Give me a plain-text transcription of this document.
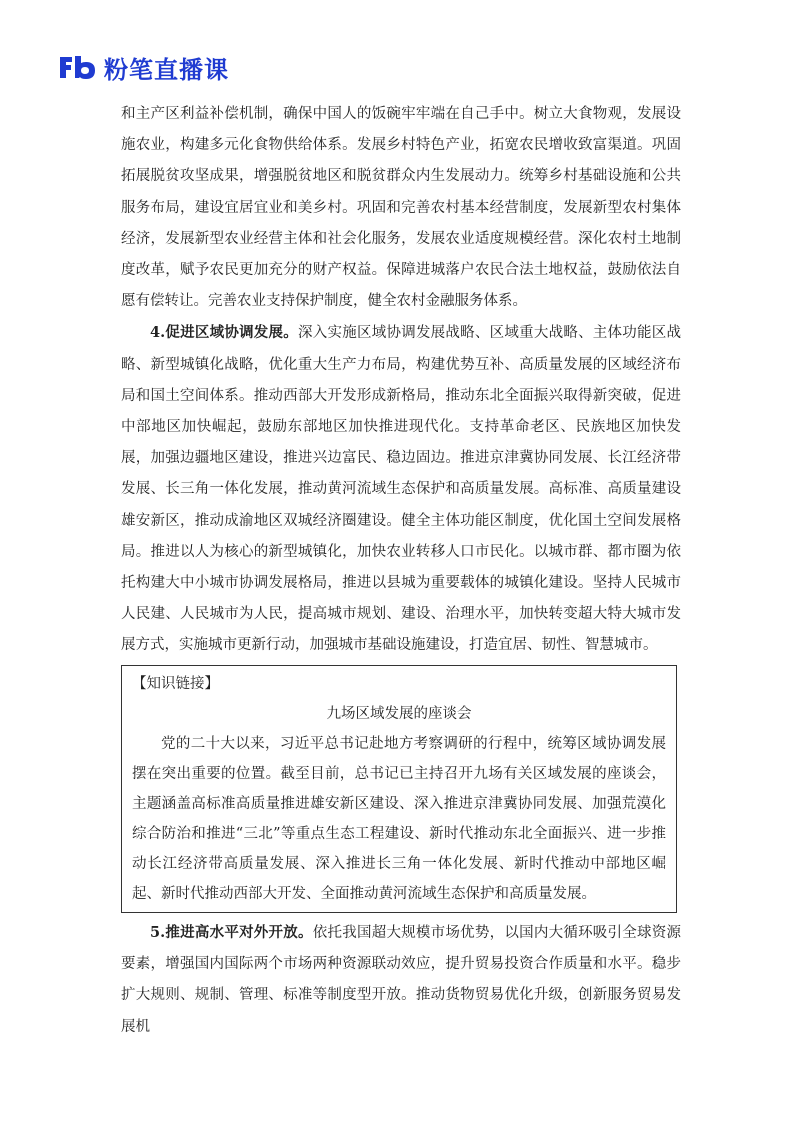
粉笔直播课

和主产区利益补偿机制，确保中国人的饭碗牢牢端在自己手中。树立大食物观，发展设施农业，构建多元化食物供给体系。发展乡村特色产业，拓宽农民增收致富渠道。巩固拓展脱贫攻坚成果，增强脱贫地区和脱贫群众内生发展动力。统筹乡村基础设施和公共服务布局，建设宜居宜业和美乡村。巩固和完善农村基本经营制度，发展新型农村集体经济，发展新型农业经营主体和社会化服务，发展农业适度规模经营。深化农村土地制度改革，赋予农民更加充分的财产权益。保障进城落户农民合法土地权益，鼓励依法自愿有偿转让。完善农业支持保护制度，健全农村金融服务体系。

4.促进区域协调发展。深入实施区域协调发展战略、区域重大战略、主体功能区战略、新型城镇化战略，优化重大生产力布局，构建优势互补、高质量发展的区域经济布局和国土空间体系。推动西部大开发形成新格局，推动东北全面振兴取得新突破，促进中部地区加快崛起，鼓励东部地区加快推进现代化。支持革命老区、民族地区加快发展，加强边疆地区建设，推进兴边富民、稳边固边。推进京津冀协同发展、长江经济带发展、长三角一体化发展，推动黄河流域生态保护和高质量发展。高标准、高质量建设雄安新区，推动成渝地区双城经济圈建设。健全主体功能区制度，优化国土空间发展格局。推进以人为核心的新型城镇化，加快农业转移人口市民化。以城市群、都市圈为依托构建大中小城市协调发展格局，推进以县城为重要载体的城镇化建设。坚持人民城市人民建、人民城市为人民，提高城市规划、建设、治理水平，加快转变超大特大城市发展方式，实施城市更新行动，加强城市基础设施建设，打造宜居、韧性、智慧城市。

【知识链接】

九场区域发展的座谈会

党的二十大以来，习近平总书记赴地方考察调研的行程中，统筹区域协调发展摆在突出重要的位置。截至目前，总书记已主持召开九场有关区域发展的座谈会，主题涵盖高标准高质量推进雄安新区建设、深入推进京津冀协同发展、加强荒漠化综合防治和推进“三北”等重点生态工程建设、新时代推动东北全面振兴、进一步推动长江经济带高质量发展、深入推进长三角一体化发展、新时代推动中部地区崛起、新时代推动西部大开发、全面推动黄河流域生态保护和高质量发展。

5.推进高水平对外开放。依托我国超大规模市场优势，以国内大循环吸引全球资源要素，增强国内国际两个市场两种资源联动效应，提升贸易投资合作质量和水平。稳步扩大规则、规制、管理、标准等制度型开放。推动货物贸易优化升级，创新服务贸易发展机
